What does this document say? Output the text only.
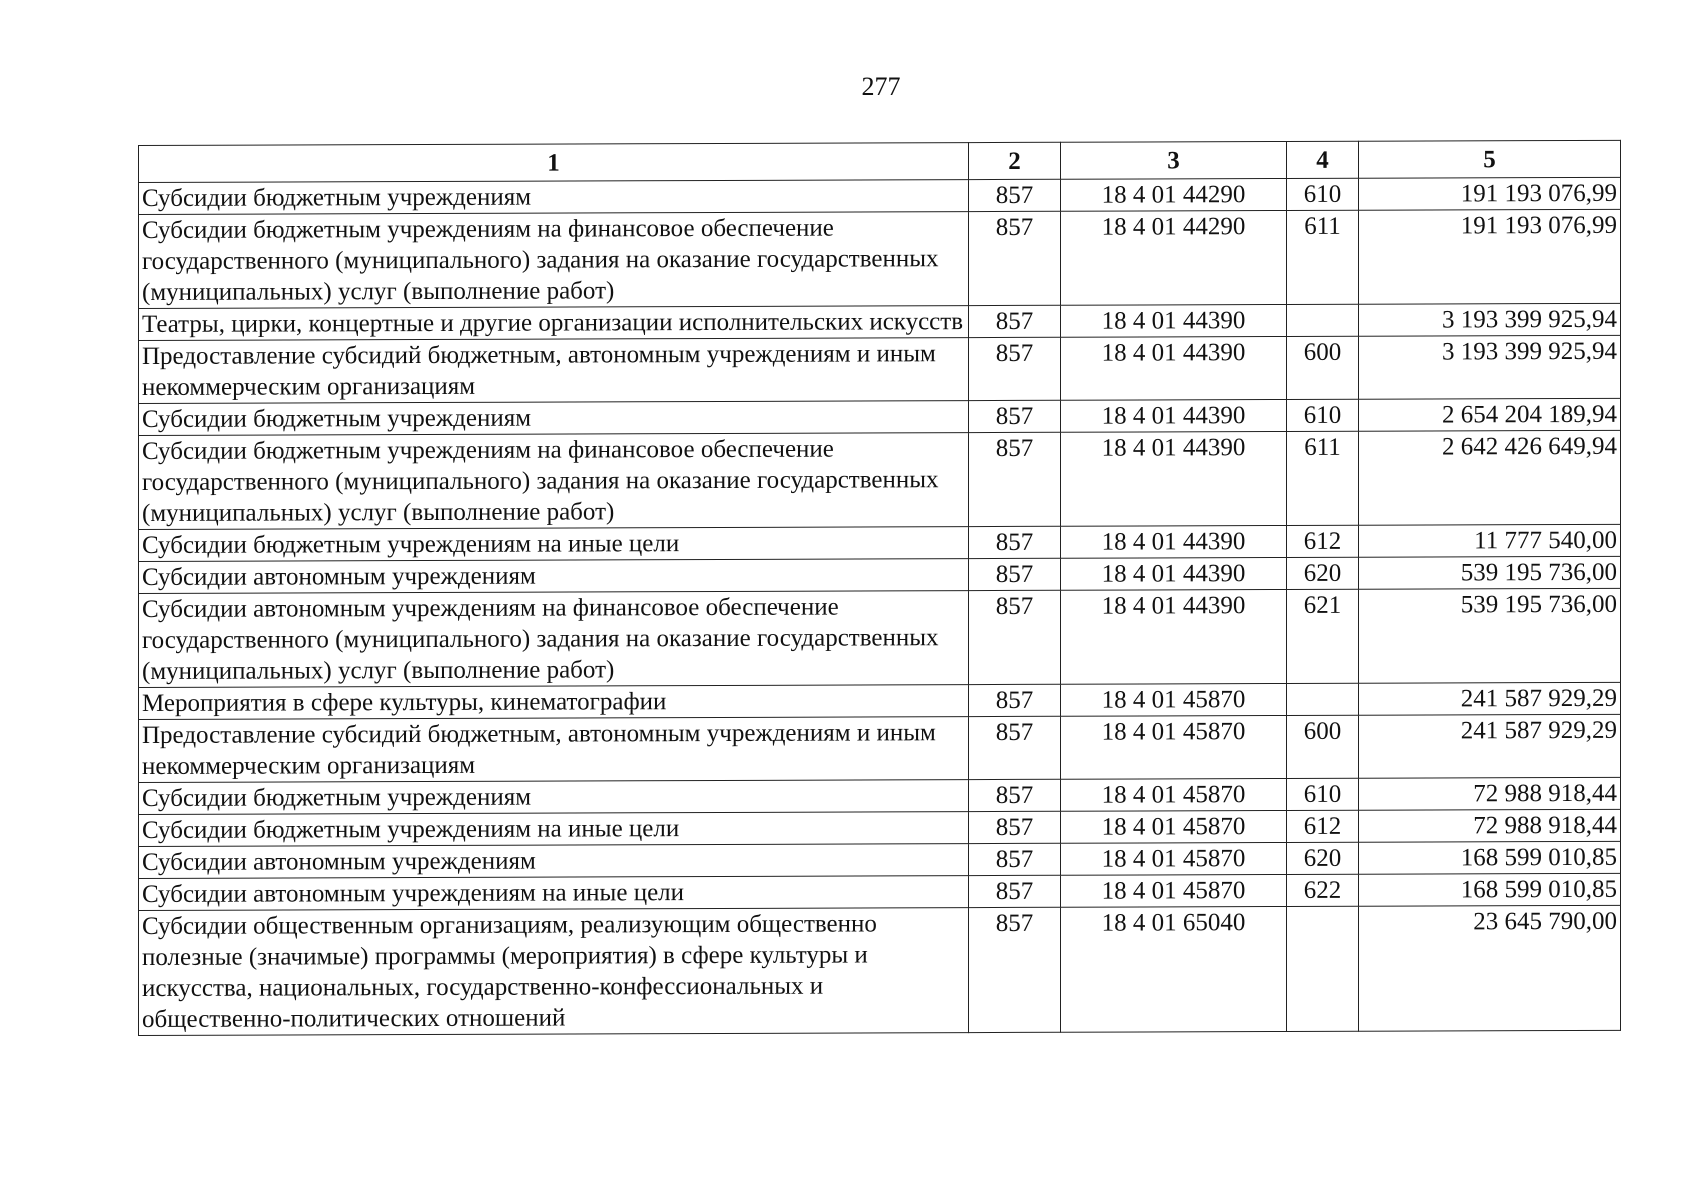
277
1	2	3	4	5
Субсидии бюджетным учреждениям	857	18 4 01 44290	610	191 193 076,99
Субсидии бюджетным учреждениям на финансовое обеспечение государственного (муниципального) задания на оказание государственных (муниципальных) услуг (выполнение работ)	857	18 4 01 44290	611	191 193 076,99
Театры, цирки, концертные и другие организации исполнительских искусств	857	18 4 01 44390		3 193 399 925,94
Предоставление субсидий бюджетным, автономным учреждениям и иным некоммерческим организациям	857	18 4 01 44390	600	3 193 399 925,94
Субсидии бюджетным учреждениям	857	18 4 01 44390	610	2 654 204 189,94
Субсидии бюджетным учреждениям на финансовое обеспечение государственного (муниципального) задания на оказание государственных (муниципальных) услуг (выполнение работ)	857	18 4 01 44390	611	2 642 426 649,94
Субсидии бюджетным учреждениям на иные цели	857	18 4 01 44390	612	11 777 540,00
Субсидии автономным учреждениям	857	18 4 01 44390	620	539 195 736,00
Субсидии автономным учреждениям на финансовое обеспечение государственного (муниципального) задания на оказание государственных (муниципальных) услуг (выполнение работ)	857	18 4 01 44390	621	539 195 736,00
Мероприятия в сфере культуры, кинематографии	857	18 4 01 45870		241 587 929,29
Предоставление субсидий бюджетным, автономным учреждениям и иным некоммерческим организациям	857	18 4 01 45870	600	241 587 929,29
Субсидии бюджетным учреждениям	857	18 4 01 45870	610	72 988 918,44
Субсидии бюджетным учреждениям на иные цели	857	18 4 01 45870	612	72 988 918,44
Субсидии автономным учреждениям	857	18 4 01 45870	620	168 599 010,85
Субсидии автономным учреждениям на иные цели	857	18 4 01 45870	622	168 599 010,85
Субсидии общественным организациям, реализующим общественно полезные (значимые) программы (мероприятия) в сфере культуры и искусства, национальных, государственно-конфессиональных и общественно-политических отношений	857	18 4 01 65040		23 645 790,00
